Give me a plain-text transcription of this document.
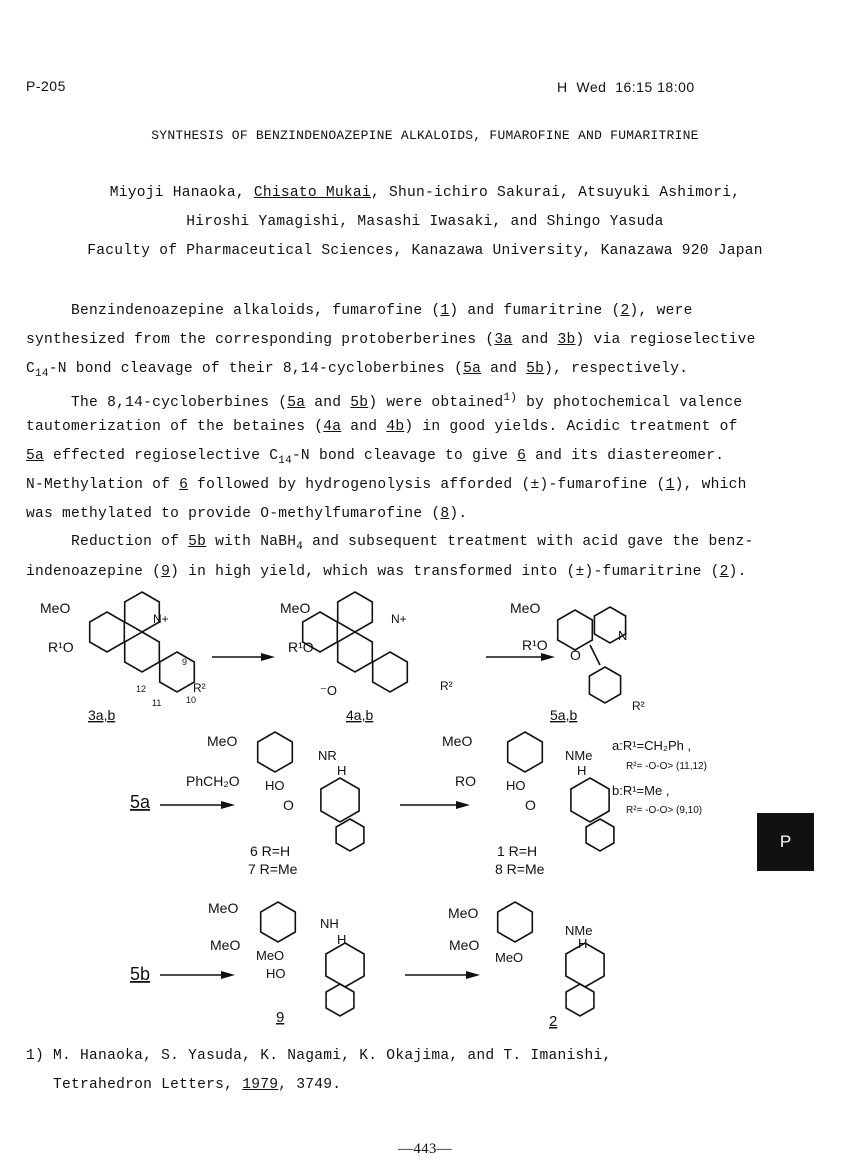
P-205	H  Wed  16:15 18:00
SYNTHESIS OF BENZINDENOAZEPINE ALKALOIDS, FUMAROFINE AND FUMARITRINE
Miyoji Hanaoka, Chisato Mukai, Shun-ichiro Sakurai, Atsuyuki Ashimori,
Hiroshi Yamagishi, Masashi Iwasaki, and Shingo Yasuda
Faculty of Pharmaceutical Sciences, Kanazawa University, Kanazawa 920 Japan
Benzindenoazepine alkaloids, fumarofine (1) and fumaritrine (2), were
synthesized from the corresponding protoberberines (3a and 3b) via regioselective
$C_{14}-N$ bond cleavage of their 8,14-cycloberbines (5a and 5b), respectively.
The 8,14-cycloberbines (5a and 5b) were obtained$^{1)}$ by photochemical valence
tautomerization of the betaines (4a and 4b) in good yields. Acidic treatment of
5a effected regioselective $C_{14}-N$ bond cleavage to give 6 and its diastereomer.
N-Methylation of 6 followed by hydrogenolysis afforded (±)-fumarofine (1), which
was methylated to provide O-methylfumarofine (8).
Reduction of 5b with NaBH$_4$ and subsequent treatment with acid gave the benz-
indenoazepine (9) in high yield, which was transformed into (±)-fumaritrine (2).
MeO
R¹O
N+
R²
9
10
11
12
3a,b
MeO
R¹O
N+
⁻O	R²
4a,b
MeO
R¹O
N
O
R²
5a,b
5a
MeO
PhCH₂O HO
NR
H
O
6 R=H
7 R=Me
MeO
RO HO
NMe
H
O
1 R=H
8 R=Me
a:R¹=CH₂Ph ,
R²= -O-O> (11,12)
b:R¹=Me ,
R²= -O-O> (9,10)
5b
MeO
MeO
MeO
NH
H
HO
9
MeO
MeO
MeO
NMe
H
2
P
1) M. Hanaoka, S. Yasuda, K. Nagami, K. Okajima, and T. Imanishi,
Tetrahedron Letters, 1979, 3749.
—443—
